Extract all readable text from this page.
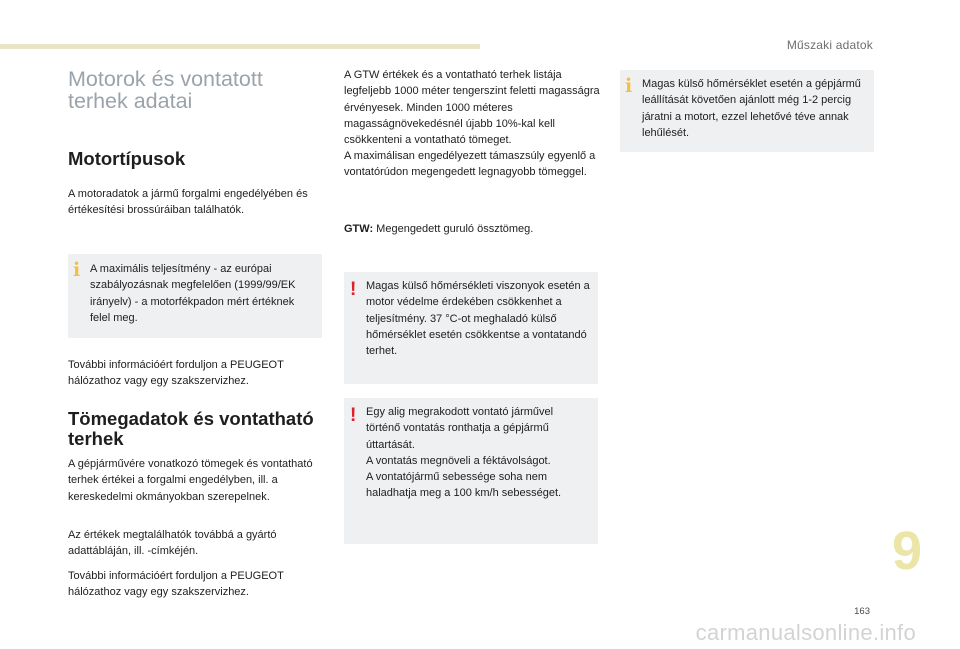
Műszaki adatok
Motorok és vontatott
terhek adatai
Motortípusok

A motoradatok a jármű forgalmi engedélyében és értékesítési brossúráiban találhatók.

i A maximális teljesítmény - az európai szabályozásnak megfelelően (1999/99/EK irányelv) - a motorfékpadon mért értéknek felel meg.

További információért forduljon a PEUGEOT hálózathoz vagy egy szakszervizhez.

Tömegadatok és vontatható terhek

A gépjárművére vonatkozó tömegek és vontatható terhek értékei a forgalmi engedélyben, ill. a kereskedelmi okmányokban szerepelnek.

Az értékek megtalálhatók továbbá a gyártó adattábláján, ill. -címkéjén.

További információért forduljon a PEUGEOT hálózathoz vagy egy szakszervizhez.

A GTW értékek és a vontatható terhek listája legfeljebb 1000 méter tengerszint feletti magasságra érvényesek. Minden 1000 méteres magasságnövekedésnél újabb 10%-kal kell csökkenteni a vontatható tömeget.

A maximálisan engedélyezett támaszsúly egyenlő a vontatórúdon megengedett legnagyobb tömeggel.

GTW: Megengedett guruló össztömeg.

! Magas külső hőmérsékleti viszonyok esetén a motor védelme érdekében csökkenhet a teljesítmény. 37 °C-ot meghaladó külső hőmérséklet esetén csökkentse a vontatandó terhet.
! Egy alig megrakodott vontató járművel történő vontatás ronthatja a gépjármű úttartását.
A vontatás megnöveli a féktávolságot.
A vontatójármű sebessége soha nem haladhatja meg a 100 km/h sebességet.
i Magas külső hőmérséklet esetén a gépjármű leállítását követően ajánlott még 1-2 percig járatni a motort, ezzel lehetővé téve annak lehűlését.
9
163
carmanualsonline.info
